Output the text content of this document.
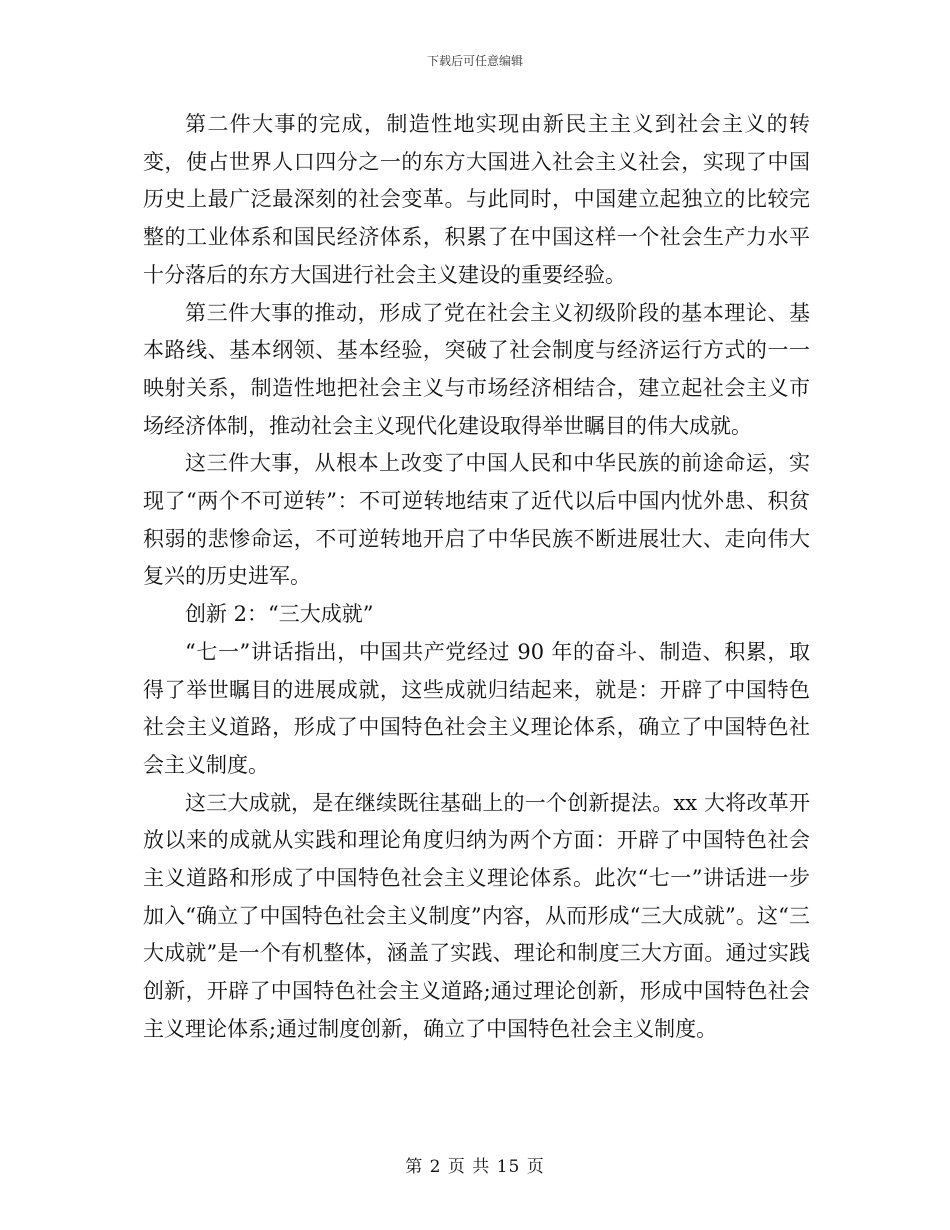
下载后可任意编辑

第二件大事的完成，制造性地实现由新民主主义到社会主义的转变，使占世界人口四分之一的东方大国进入社会主义社会，实现了中国历史上最广泛最深刻的社会变革。与此同时，中国建立起独立的比较完整的工业体系和国民经济体系，积累了在中国这样一个社会生产力水平十分落后的东方大国进行社会主义建设的重要经验。

第三件大事的推动，形成了党在社会主义初级阶段的基本理论、基本路线、基本纲领、基本经验，突破了社会制度与经济运行方式的一一映射关系，制造性地把社会主义与市场经济相结合，建立起社会主义市场经济体制，推动社会主义现代化建设取得举世瞩目的伟大成就。

这三件大事，从根本上改变了中国人民和中华民族的前途命运，实现了“两个不可逆转”：不可逆转地结束了近代以后中国内忧外患、积贫积弱的悲惨命运，不可逆转地开启了中华民族不断进展壮大、走向伟大复兴的历史进军。

创新 2：“三大成就”

“七一”讲话指出，中国共产党经过 90 年的奋斗、制造、积累，取得了举世瞩目的进展成就，这些成就归结起来，就是：开辟了中国特色社会主义道路，形成了中国特色社会主义理论体系，确立了中国特色社会主义制度。

这三大成就，是在继续既往基础上的一个创新提法。xx 大将改革开放以来的成就从实践和理论角度归纳为两个方面：开辟了中国特色社会主义道路和形成了中国特色社会主义理论体系。此次“七一”讲话进一步加入“确立了中国特色社会主义制度”内容，从而形成“三大成就”。这“三大成就”是一个有机整体，涵盖了实践、理论和制度三大方面。通过实践创新，开辟了中国特色社会主义道路;通过理论创新，形成中国特色社会主义理论体系;通过制度创新，确立了中国特色社会主义制度。

第 2 页 共 15 页
